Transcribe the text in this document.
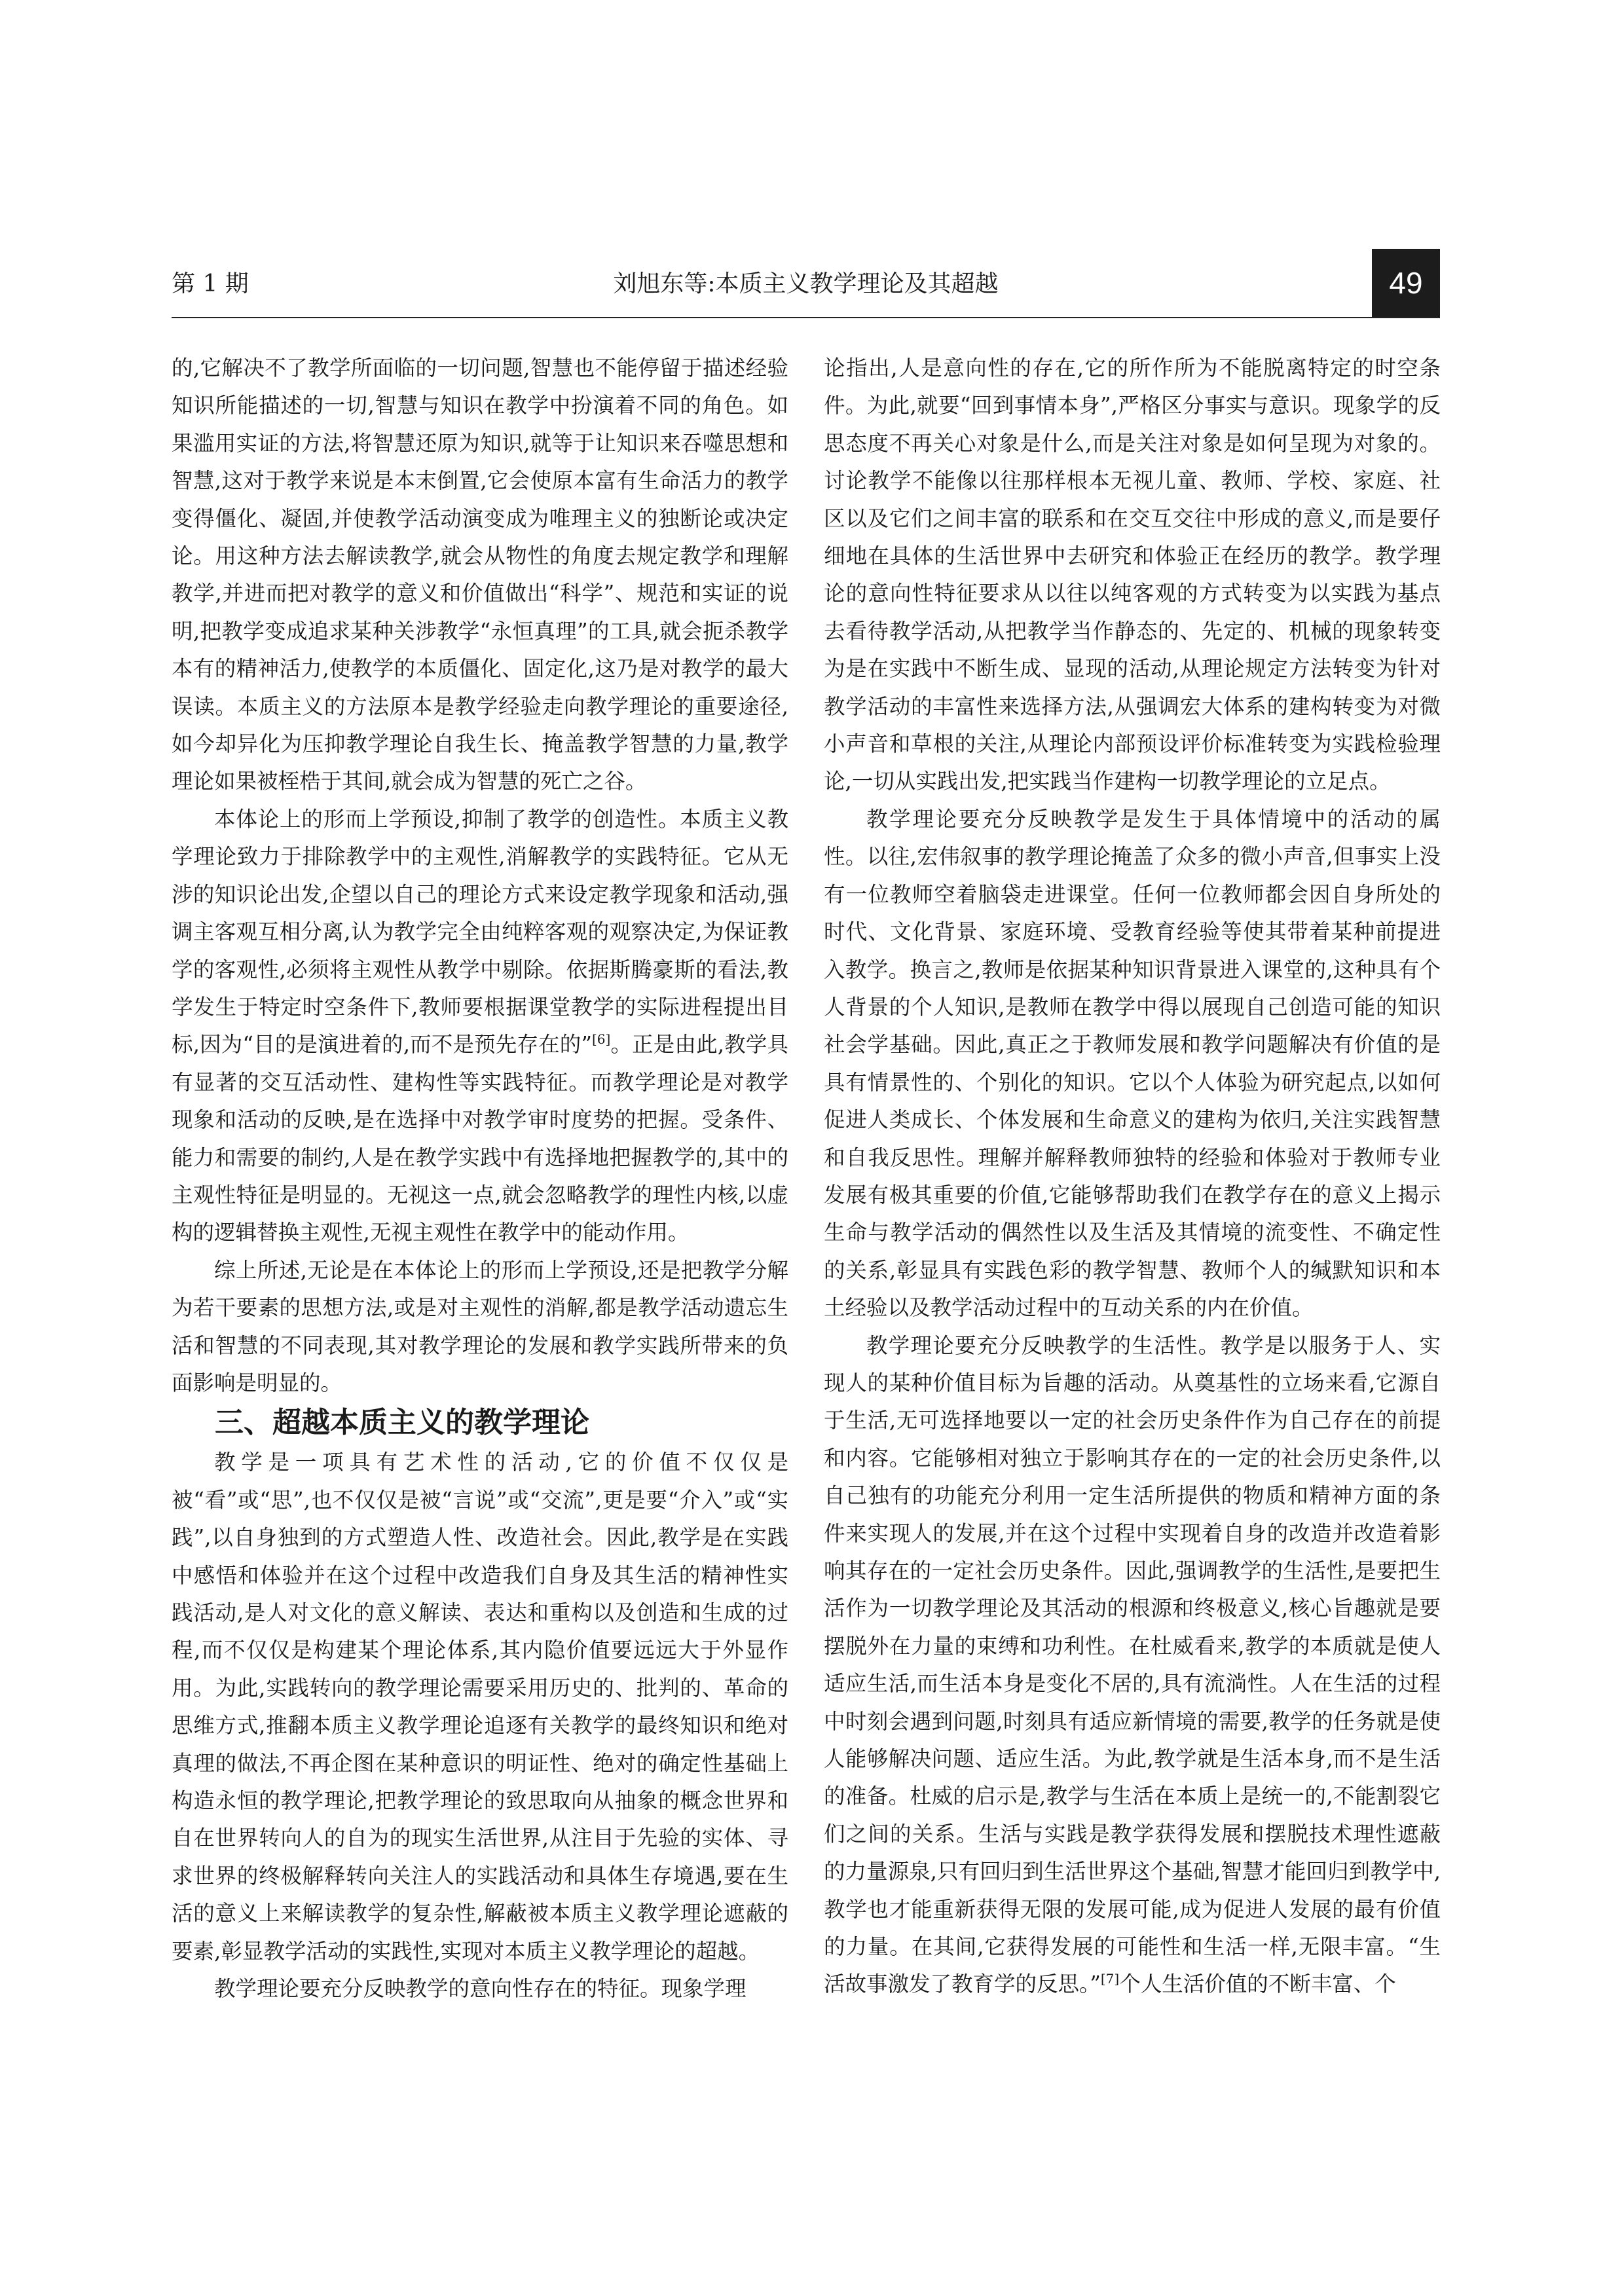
第 1 期	刘旭东等:本质主义教学理论及其超越	49

的,它解决不了教学所面临的一切问题,智慧也不能停留于描述经验知识所能描述的一切,智慧与知识在教学中扮演着不同的角色。如果滥用实证的方法,将智慧还原为知识,就等于让知识来吞噬思想和智慧,这对于教学来说是本末倒置,它会使原本富有生命活力的教学变得僵化、凝固,并使教学活动演变成为唯理主义的独断论或决定论。用这种方法去解读教学,就会从物性的角度去规定教学和理解教学,并进而把对教学的意义和价值做出“科学”、规范和实证的说明,把教学变成追求某种关涉教学“永恒真理”的工具,就会扼杀教学本有的精神活力,使教学的本质僵化、固定化,这乃是对教学的最大误读。本质主义的方法原本是教学经验走向教学理论的重要途径,如今却异化为压抑教学理论自我生长、掩盖教学智慧的力量,教学理论如果被桎梏于其间,就会成为智慧的死亡之谷。

本体论上的形而上学预设,抑制了教学的创造性。本质主义教学理论致力于排除教学中的主观性,消解教学的实践特征。它从无涉的知识论出发,企望以自己的理论方式来设定教学现象和活动,强调主客观互相分离,认为教学完全由纯粹客观的观察决定,为保证教学的客观性,必须将主观性从教学中剔除。依据斯腾豪斯的看法,教学发生于特定时空条件下,教师要根据课堂教学的实际进程提出目标,因为“目的是演进着的,而不是预先存在的”[6]。正是由此,教学具有显著的交互活动性、建构性等实践特征。而教学理论是对教学现象和活动的反映,是在选择中对教学审时度势的把握。受条件、能力和需要的制约,人是在教学实践中有选择地把握教学的,其中的主观性特征是明显的。无视这一点,就会忽略教学的理性内核,以虚构的逻辑替换主观性,无视主观性在教学中的能动作用。

综上所述,无论是在本体论上的形而上学预设,还是把教学分解为若干要素的思想方法,或是对主观性的消解,都是教学活动遗忘生活和智慧的不同表现,其对教学理论的发展和教学实践所带来的负面影响是明显的。

三、超越本质主义的教学理论

教学是一项具有艺术性的活动,它的价值不仅仅是被“看”或“思”,也不仅仅是被“言说”或“交流”,更是要“介入”或“实践”,以自身独到的方式塑造人性、改造社会。因此,教学是在实践中感悟和体验并在这个过程中改造我们自身及其生活的精神性实践活动,是人对文化的意义解读、表达和重构以及创造和生成的过程,而不仅仅是构建某个理论体系,其内隐价值要远远大于外显作用。为此,实践转向的教学理论需要采用历史的、批判的、革命的思维方式,推翻本质主义教学理论追逐有关教学的最终知识和绝对真理的做法,不再企图在某种意识的明证性、绝对的确定性基础上构造永恒的教学理论,把教学理论的致思取向从抽象的概念世界和自在世界转向人的自为的现实生活世界,从注目于先验的实体、寻求世界的终极解释转向关注人的实践活动和具体生存境遇,要在生活的意义上来解读教学的复杂性,解蔽被本质主义教学理论遮蔽的要素,彰显教学活动的实践性,实现对本质主义教学理论的超越。

教学理论要充分反映教学的意向性存在的特征。现象学理

论指出,人是意向性的存在,它的所作所为不能脱离特定的时空条件。为此,就要“回到事情本身”,严格区分事实与意识。现象学的反思态度不再关心对象是什么,而是关注对象是如何呈现为对象的。讨论教学不能像以往那样根本无视儿童、教师、学校、家庭、社区以及它们之间丰富的联系和在交互交往中形成的意义,而是要仔细地在具体的生活世界中去研究和体验正在经历的教学。教学理论的意向性特征要求从以往以纯客观的方式转变为以实践为基点去看待教学活动,从把教学当作静态的、先定的、机械的现象转变为是在实践中不断生成、显现的活动,从理论规定方法转变为针对教学活动的丰富性来选择方法,从强调宏大体系的建构转变为对微小声音和草根的关注,从理论内部预设评价标准转变为实践检验理论,一切从实践出发,把实践当作建构一切教学理论的立足点。

教学理论要充分反映教学是发生于具体情境中的活动的属性。以往,宏伟叙事的教学理论掩盖了众多的微小声音,但事实上没有一位教师空着脑袋走进课堂。任何一位教师都会因自身所处的时代、文化背景、家庭环境、受教育经验等使其带着某种前提进入教学。换言之,教师是依据某种知识背景进入课堂的,这种具有个人背景的个人知识,是教师在教学中得以展现自己创造可能的知识社会学基础。因此,真正之于教师发展和教学问题解决有价值的是具有情景性的、个别化的知识。它以个人体验为研究起点,以如何促进人类成长、个体发展和生命意义的建构为依归,关注实践智慧和自我反思性。理解并解释教师独特的经验和体验对于教师专业发展有极其重要的价值,它能够帮助我们在教学存在的意义上揭示生命与教学活动的偶然性以及生活及其情境的流变性、不确定性的关系,彰显具有实践色彩的教学智慧、教师个人的缄默知识和本土经验以及教学活动过程中的互动关系的内在价值。

教学理论要充分反映教学的生活性。教学是以服务于人、实现人的某种价值目标为旨趣的活动。从奠基性的立场来看,它源自于生活,无可选择地要以一定的社会历史条件作为自己存在的前提和内容。它能够相对独立于影响其存在的一定的社会历史条件,以自己独有的功能充分利用一定生活所提供的物质和精神方面的条件来实现人的发展,并在这个过程中实现着自身的改造并改造着影响其存在的一定社会历史条件。因此,强调教学的生活性,是要把生活作为一切教学理论及其活动的根源和终极意义,核心旨趣就是要摆脱外在力量的束缚和功利性。在杜威看来,教学的本质就是使人适应生活,而生活本身是变化不居的,具有流淌性。人在生活的过程中时刻会遇到问题,时刻具有适应新情境的需要,教学的任务就是使人能够解决问题、适应生活。为此,教学就是生活本身,而不是生活的准备。杜威的启示是,教学与生活在本质上是统一的,不能割裂它们之间的关系。生活与实践是教学获得发展和摆脱技术理性遮蔽的力量源泉,只有回归到生活世界这个基础,智慧才能回归到教学中,教学也才能重新获得无限的发展可能,成为促进人发展的最有价值的力量。在其间,它获得发展的可能性和生活一样,无限丰富。“生活故事激发了教育学的反思。”[7]个人生活价值的不断丰富、个
